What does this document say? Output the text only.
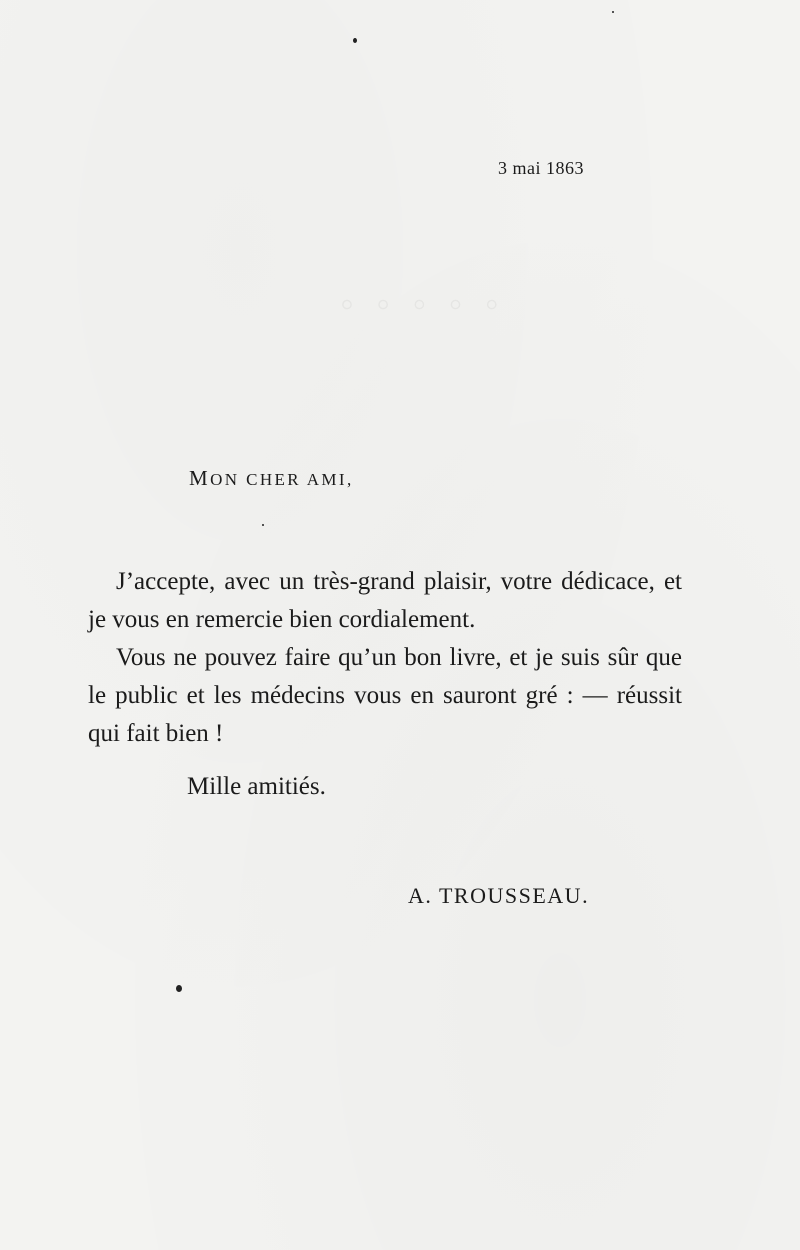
3 mai 1863
MON CHER AMI,

J’accepte, avec un très-grand plaisir, votre dédicace, et je vous en remercie bien cordialement.

Vous ne pouvez faire qu’un bon livre, et je suis sûr que le public et les médecins vous en sauront gré : — réussit qui fait bien !

Mille amitiés.
A. TROUSSEAU.
